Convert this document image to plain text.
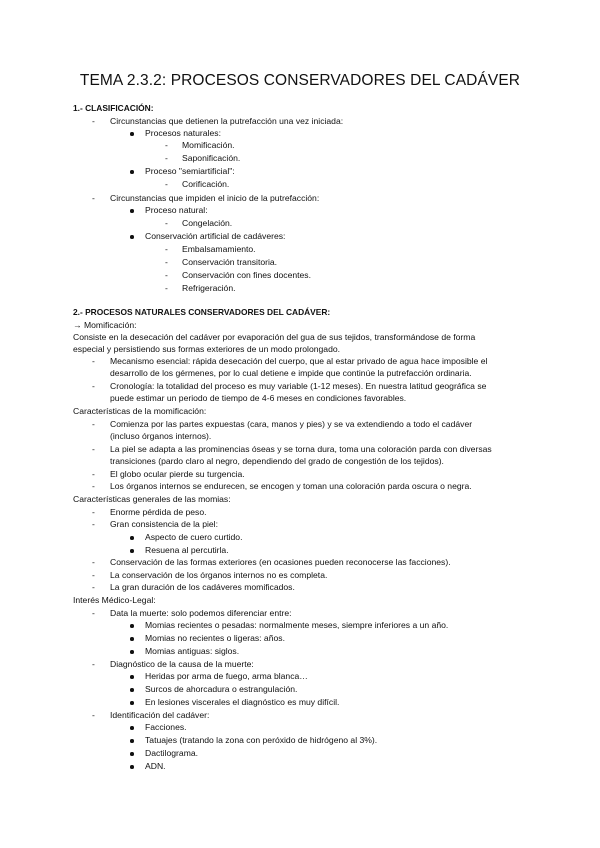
TEMA 2.3.2: PROCESOS CONSERVADORES DEL CADÁVER
1.- CLASIFICACIÓN:
- Circunstancias que detienen la putrefacción una vez iniciada:
Procesos naturales:
- Momificación.
- Saponificación.
Proceso "semiartificial":
- Corificación.
- Circunstancias que impiden el inicio de la putrefacción:
Proceso natural:
- Congelación.
Conservación artificial de cadáveres:
- Embalsamamiento.
- Conservación transitoria.
- Conservación con fines docentes.
- Refrigeración.
2.- PROCESOS NATURALES CONSERVADORES DEL CADÁVER:
→ Momificación:
Consiste en la desecación del cadáver por evaporación del gua de sus tejidos, transformándose de forma
especial y persistiendo sus formas exteriores de un modo prolongado.
- Mecanismo esencial: rápida desecación del cuerpo, que al estar privado de agua hace imposible el
desarrollo de los gérmenes, por lo cual detiene e impide que continúe la putrefacción ordinaria.
- Cronología: la totalidad del proceso es muy variable (1-12 meses). En nuestra latitud geográfica se
puede estimar un periodo de tiempo de 4-6 meses en condiciones favorables.
Características de la momificación:
- Comienza por las partes expuestas (cara, manos y pies) y se va extendiendo a todo el cadáver
(incluso órganos internos).
- La piel se adapta a las prominencias óseas y se torna dura, toma una coloración parda con diversas
transiciones (pardo claro al negro, dependiendo del grado de congestión de los tejidos).
- El globo ocular pierde su turgencia.
- Los órganos internos se endurecen, se encogen y toman una coloración parda oscura o negra.
Características generales de las momias:
- Enorme pérdida de peso.
- Gran consistencia de la piel:
Aspecto de cuero curtido.
Resuena al percutirla.
- Conservación de las formas exteriores (en ocasiones pueden reconocerse las facciones).
- La conservación de los órganos internos no es completa.
- La gran duración de los cadáveres momificados.
Interés Médico-Legal:
- Data la muerte: solo podemos diferenciar entre:
Momias recientes o pesadas: normalmente meses, siempre inferiores a un año.
Momias no recientes o ligeras: años.
Momias antiguas: siglos.
- Diagnóstico de la causa de la muerte:
Heridas por arma de fuego, arma blanca…
Surcos de ahorcadura o estrangulación.
En lesiones viscerales el diagnóstico es muy difícil.
- Identificación del cadáver:
Facciones.
Tatuajes (tratando la zona con peróxido de hidrógeno al 3%).
Dactilograma.
ADN.
